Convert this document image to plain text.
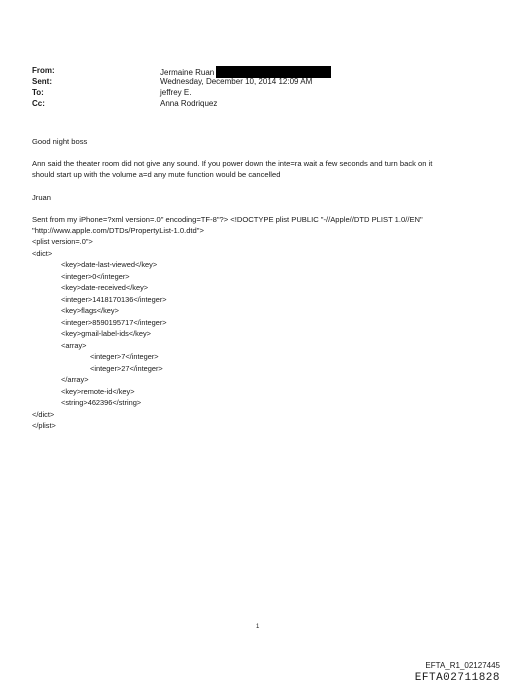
From:	Jermaine Ruan
Sent:	Wednesday, December 10, 2014 12:09 AM
To:	jeffrey E.
Cc:	Anna Rodriquez
Good night boss
Ann said the theater room did not give any sound. If you power down the inte=ra wait a few seconds and turn back on it
should start up with the volume a=d any mute function would be cancelled
Jruan
Sent from my iPhone=?xml version=.0" encoding=TF-8"?> <!DOCTYPE plist PUBLIC "-//Apple//DTD PLIST 1.0//EN"
"http://www.apple.com/DTDs/PropertyList-1.0.dtd">
<plist version=.0">
<dict>
<key>date-last-viewed</key>
<integer>0</integer>
<key>date-received</key>
<integer>1418170136</integer>
<key>flags</key>
<integer>8590195717</integer>
<key>gmail-label-ids</key>
<array>
<integer>7</integer>
<integer>27</integer>
</array>
<key>remote-id</key>
<string>462396</string>
</dict>
</plist>
1
EFTA_R1_02127445
EFTA02711828
